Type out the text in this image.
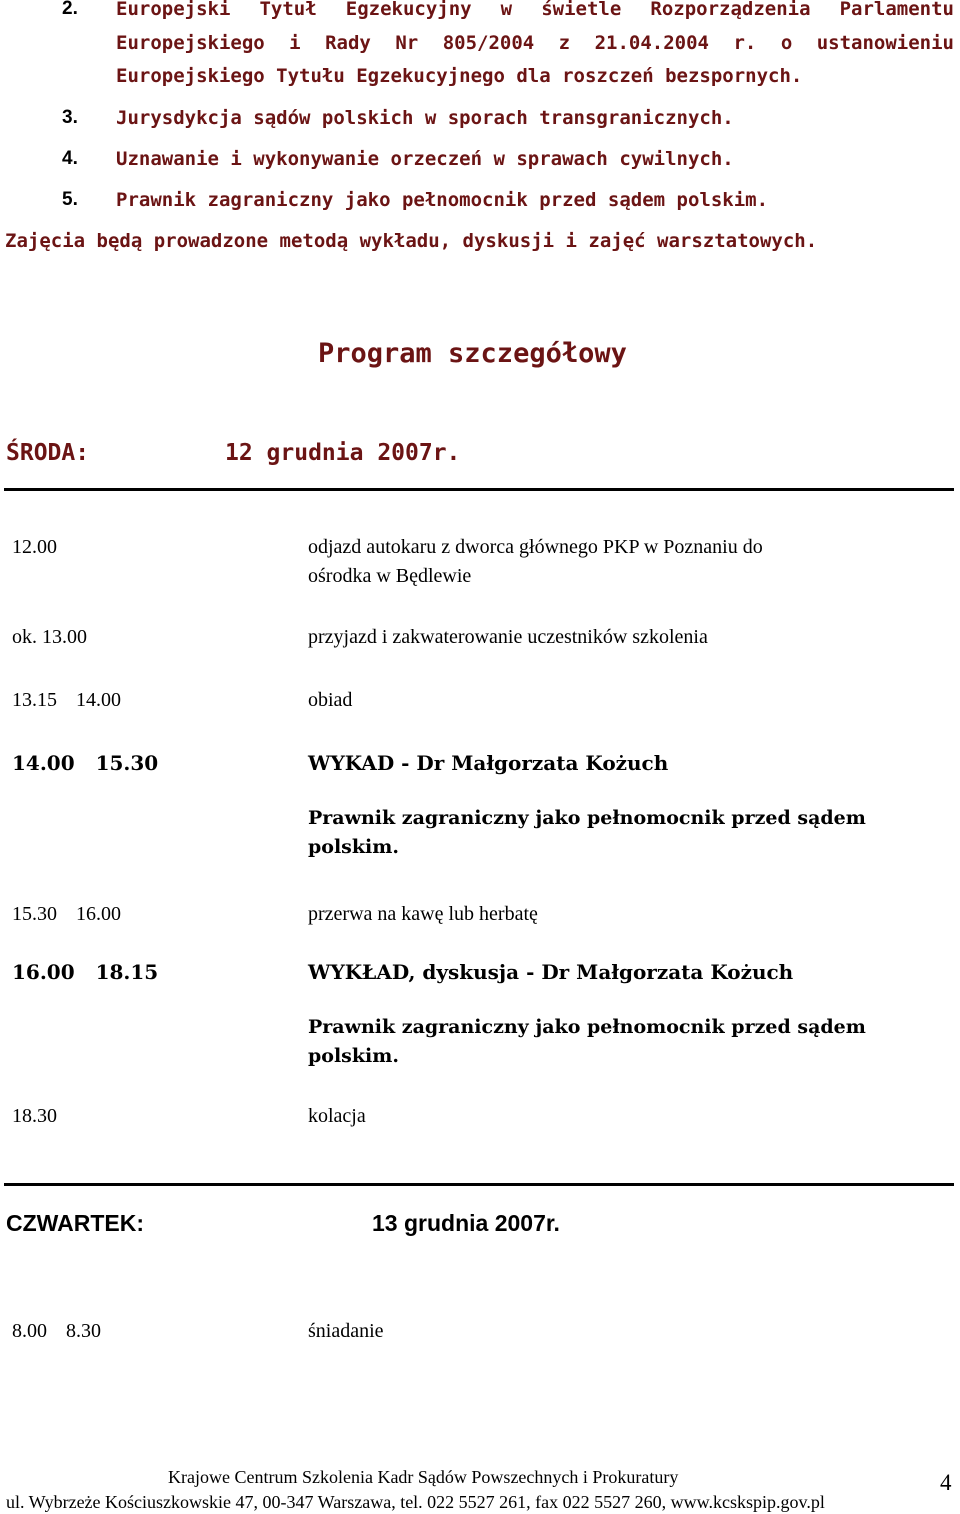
2. Europejski Tytuł Egzekucyjny w świetle Rozporządzenia Parlamentu
Europejskiego i Rady Nr 805/2004 z 21.04.2004 r. o ustanowieniu
Europejskiego Tytułu Egzekucyjnego dla roszczeń bezspornych.
3. Jurysdykcja sądów polskich w sporach transgranicznych.
4. Uznawanie i wykonywanie orzeczeń w sprawach cywilnych.
5. Prawnik zagraniczny jako pełnomocnik przed sądem polskim.
Zajęcia będą prowadzone metodą wykładu, dyskusji i zajęć warsztatowych.
Program szczegółowy
ŚRODA:	12 grudnia 2007r.
12.00	odjazd autokaru z dworca głównego PKP w Poznaniu do
ośrodka w Będlewie
ok. 13.00	przyjazd i zakwaterowanie uczestników szkolenia
13.15 14.00	obiad
14.00 15.30	WYKAD - Dr Małgorzata Kożuch
Prawnik zagraniczny jako pełnomocnik przed sądem
polskim.
15.30 16.00	przerwa na kawę lub herbatę
16.00 18.15	WYKŁAD, dyskusja - Dr Małgorzata Kożuch
Prawnik zagraniczny jako pełnomocnik przed sądem
polskim.
18.30	kolacja
CZWARTEK:	13 grudnia 2007r.
8.00 8.30	śniadanie
Krajowe Centrum Szkolenia Kadr Sądów Powszechnych i Prokuratury	4
ul. Wybrzeże Kościuszkowskie 47, 00-347 Warszawa, tel. 022 5527 261, fax 022 5527 260, www.kcskspip.gov.pl
